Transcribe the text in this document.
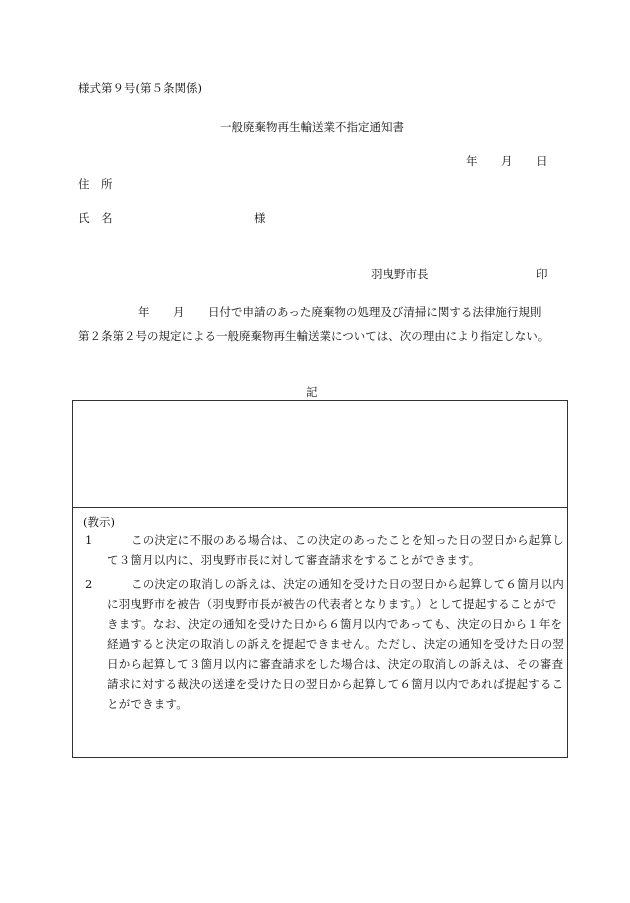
様式第９号(第５条関係)
一般廃棄物再生輸送業不指定通知書
年 月 日
住　所
氏　名	様
羽曳野市長	印
年 月 日付で申請のあった廃棄物の処理及び清掃に関する法律施行規則
第２条第２号の規定による一般廃棄物再生輸送業については、次の理由により指定しない。
記
(教示)
1	この決定に不服のある場合は、この決定のあったことを知った日の翌日から起算して３箇月以内に、羽曳野市長に対して審査請求をすることができます。
2	この決定の取消しの訴えは、決定の通知を受けた日の翌日から起算して６箇月以内に羽曳野市を被告（羽曳野市長が被告の代表者となります。）として提起することができます。なお、決定の通知を受けた日から６箇月以内であっても、決定の日から１年を経過すると決定の取消しの訴えを提起できません。ただし、決定の通知を受けた日の翌日から起算して３箇月以内に審査請求をした場合は、決定の取消しの訴えは、その審査請求に対する裁決の送達を受けた日の翌日から起算して６箇月以内であれば提起することができます。
